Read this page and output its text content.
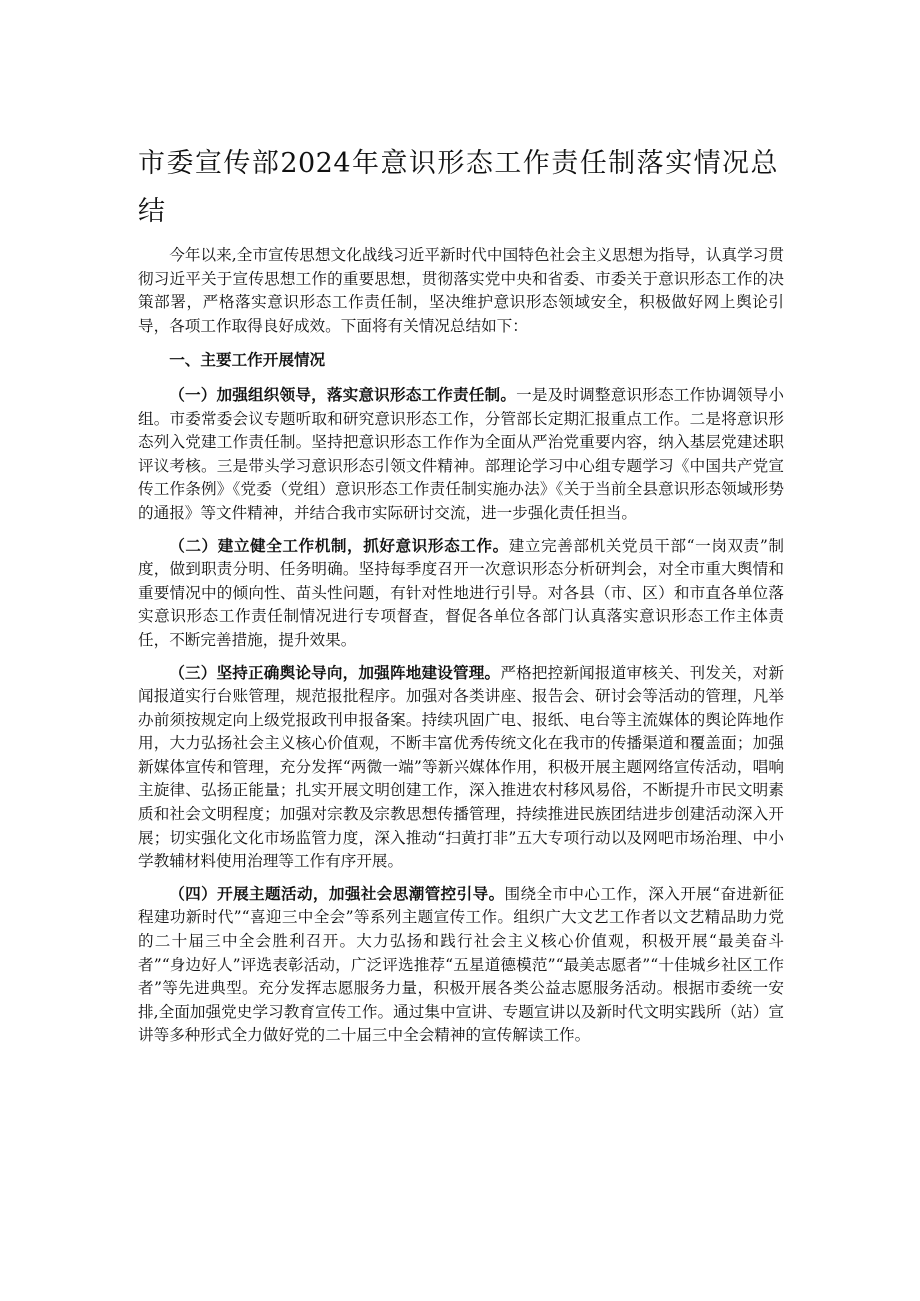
市委宣传部2024年意识形态工作责任制落实情况总结

今年以来,全市宣传思想文化战线习近平新时代中国特色社会主义思想为指导，认真学习贯彻习近平关于宣传思想工作的重要思想，贯彻落实党中央和省委、市委关于意识形态工作的决策部署，严格落实意识形态工作责任制，坚决维护意识形态领域安全，积极做好网上舆论引导，各项工作取得良好成效。下面将有关情况总结如下：

一、主要工作开展情况

（一）加强组织领导，落实意识形态工作责任制。一是及时调整意识形态工作协调领导小组。市委常委会议专题听取和研究意识形态工作，分管部长定期汇报重点工作。二是将意识形态列入党建工作责任制。坚持把意识形态工作作为全面从严治党重要内容，纳入基层党建述职评议考核。三是带头学习意识形态引领文件精神。部理论学习中心组专题学习《中国共产党宣传工作条例》《党委（党组）意识形态工作责任制实施办法》《关于当前全县意识形态领域形势的通报》等文件精神，并结合我市实际研讨交流，进一步强化责任担当。

（二）建立健全工作机制，抓好意识形态工作。建立完善部机关党员干部“一岗双责”制度，做到职责分明、任务明确。坚持每季度召开一次意识形态分析研判会，对全市重大舆情和重要情况中的倾向性、苗头性问题，有针对性地进行引导。对各县（市、区）和市直各单位落实意识形态工作责任制情况进行专项督查，督促各单位各部门认真落实意识形态工作主体责任，不断完善措施，提升效果。

（三）坚持正确舆论导向，加强阵地建设管理。严格把控新闻报道审核关、刊发关，对新闻报道实行台账管理，规范报批程序。加强对各类讲座、报告会、研讨会等活动的管理，凡举办前须按规定向上级党报政刊申报备案。持续巩固广电、报纸、电台等主流媒体的舆论阵地作用，大力弘扬社会主义核心价值观，不断丰富优秀传统文化在我市的传播渠道和覆盖面；加强新媒体宣传和管理，充分发挥“两微一端”等新兴媒体作用，积极开展主题网络宣传活动，唱响主旋律、弘扬正能量；扎实开展文明创建工作，深入推进农村移风易俗，不断提升市民文明素质和社会文明程度；加强对宗教及宗教思想传播管理，持续推进民族团结进步创建活动深入开展；切实强化文化市场监管力度，深入推动“扫黄打非”五大专项行动以及网吧市场治理、中小学教辅材料使用治理等工作有序开展。

（四）开展主题活动，加强社会思潮管控引导。围绕全市中心工作，深入开展“奋进新征程建功新时代”“喜迎三中全会”等系列主题宣传工作。组织广大文艺工作者以文艺精品助力党的二十届三中全会胜利召开。大力弘扬和践行社会主义核心价值观，积极开展“最美奋斗者”“身边好人”评选表彰活动，广泛评选推荐“五星道德模范”“最美志愿者”“十佳城乡社区工作者”等先进典型。充分发挥志愿服务力量，积极开展各类公益志愿服务活动。根据市委统一安排,全面加强党史学习教育宣传工作。通过集中宣讲、专题宣讲以及新时代文明实践所（站）宣讲等多种形式全力做好党的二十届三中全会精神的宣传解读工作。
